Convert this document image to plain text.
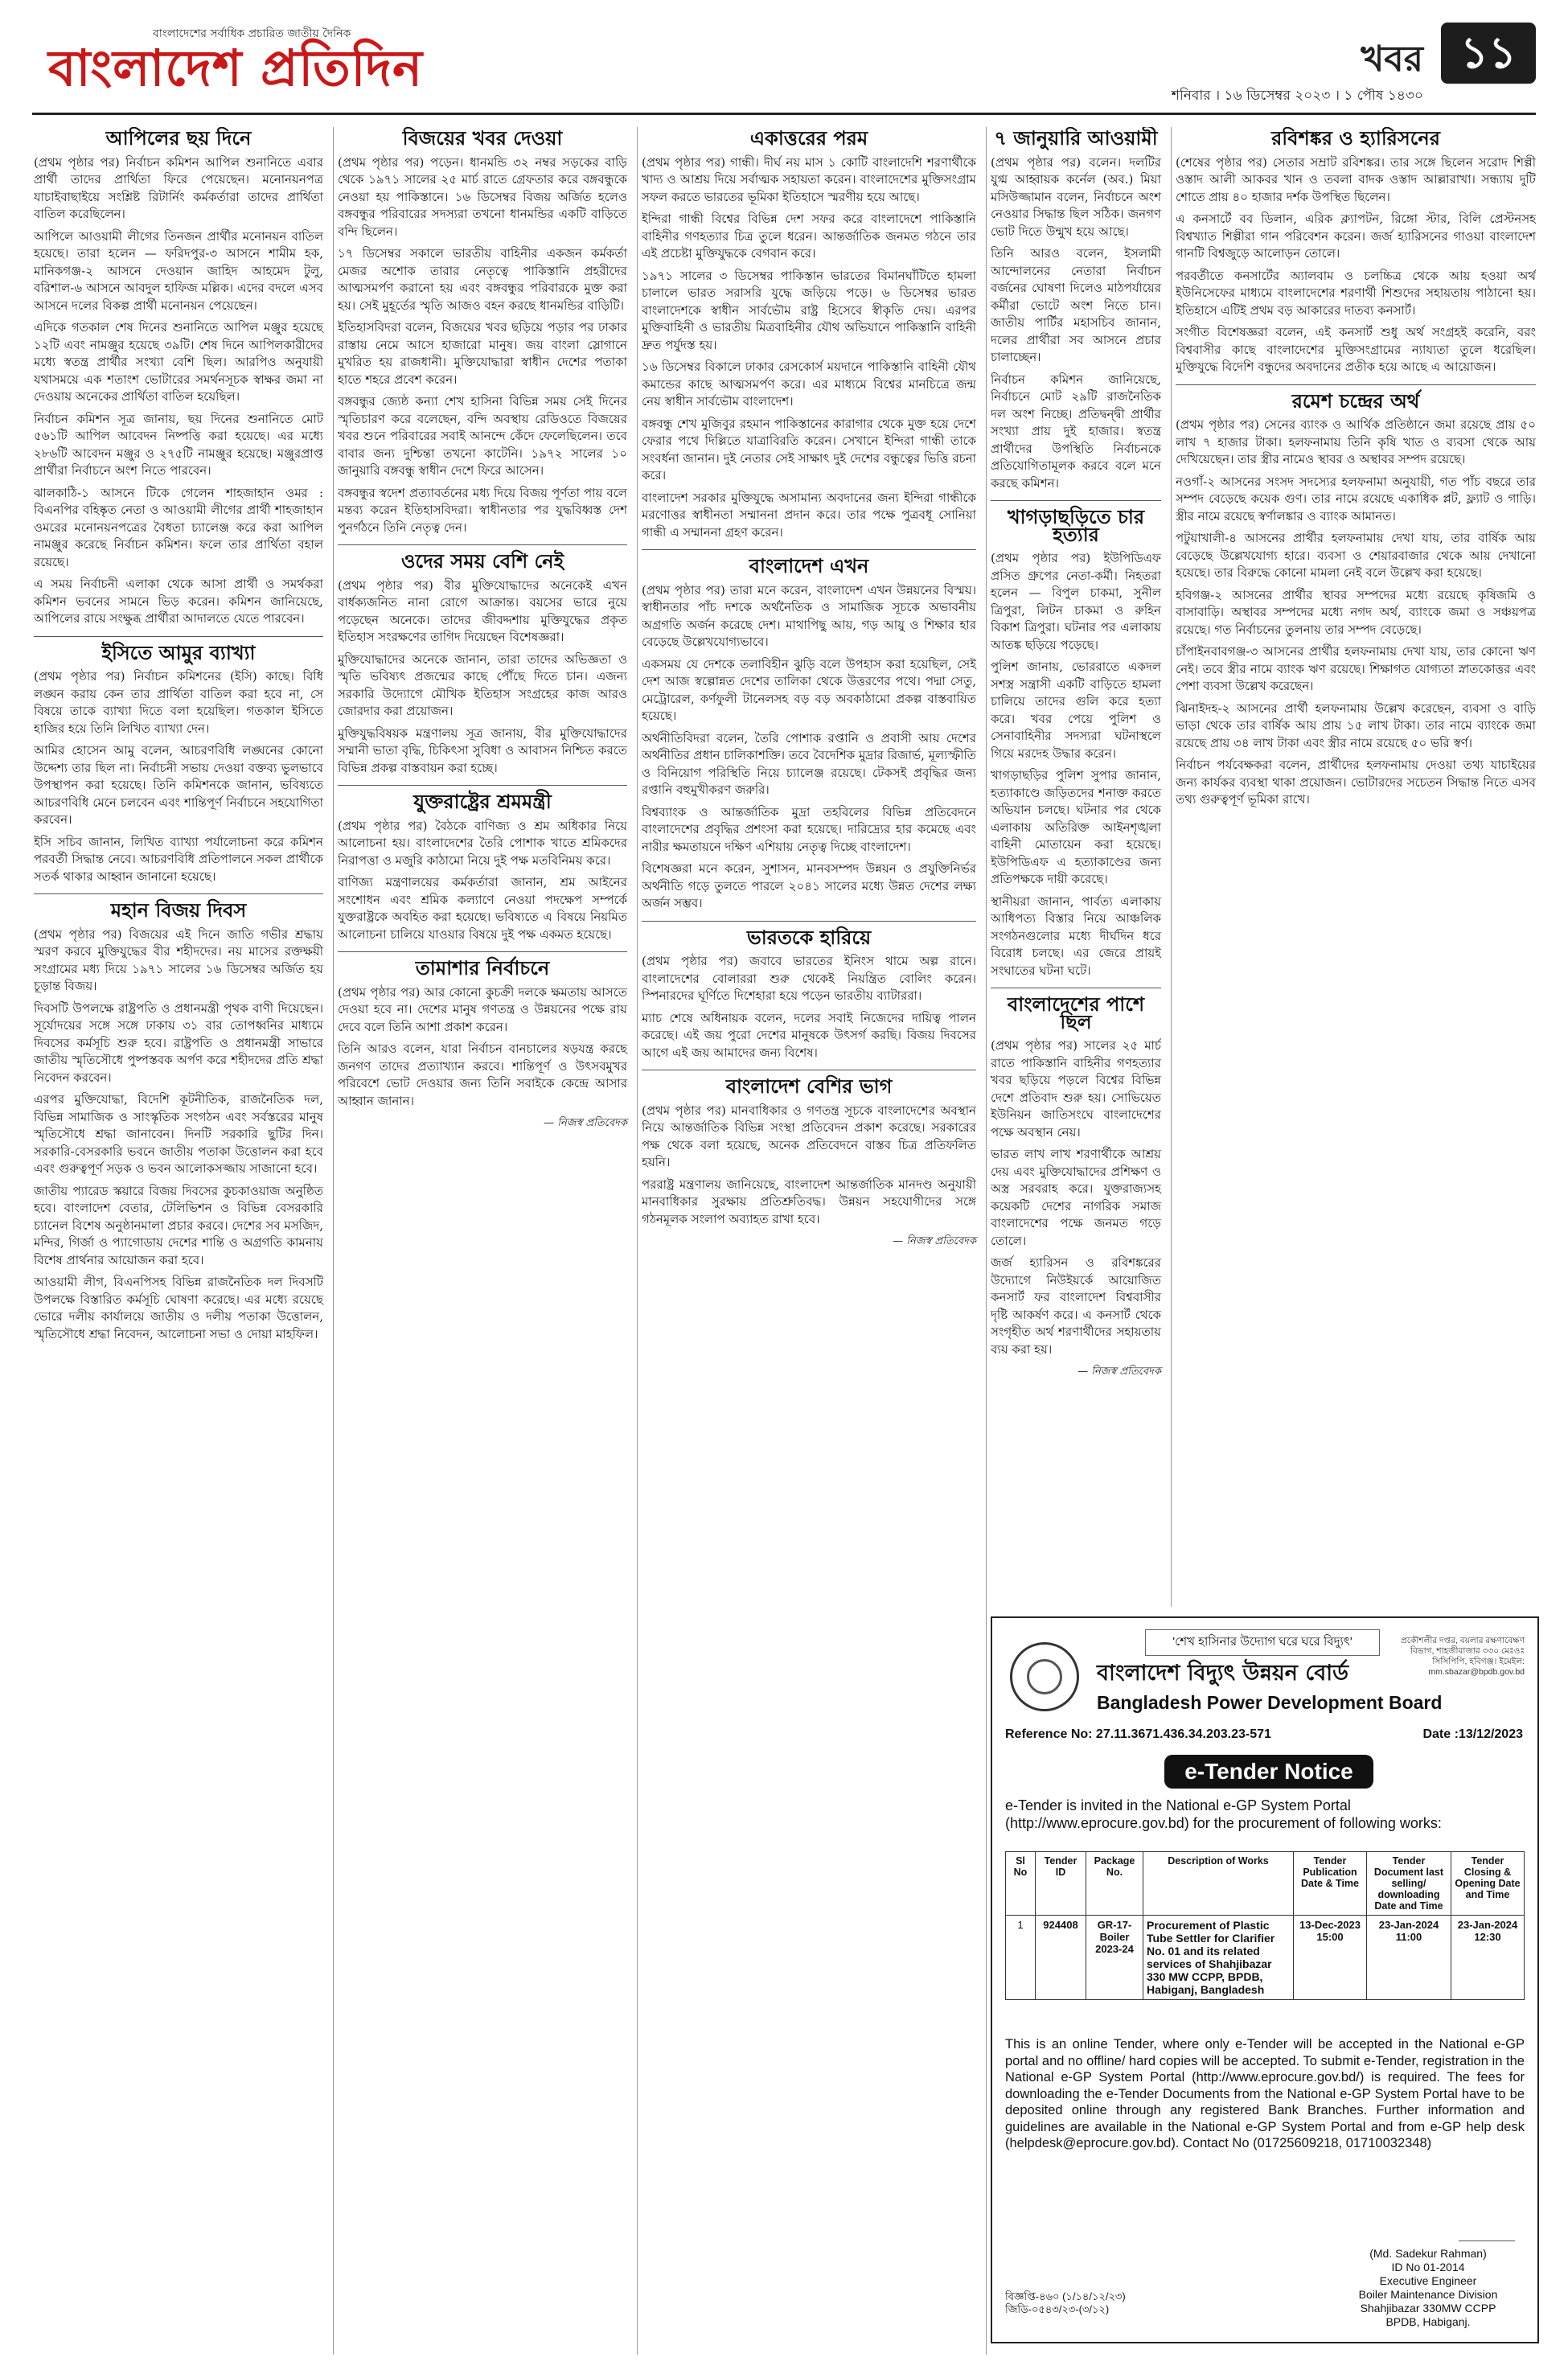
বাংলাদেশের সর্বাধিক প্রচারিত জাতীয় দৈনিক
বাংলাদেশ প্রতিদিন	খবর ১১
শনিবার । ১৬ ডিসেম্বর ২০২৩ । ১ পৌষ ১৪৩০
আপিলের ছয় দিনে

(প্রথম পৃষ্ঠার পর) নির্বাচন কমিশন আপিল শুনানিতে এবার প্রার্থী তাদের প্রার্থিতা ফিরে পেয়েছেন। মনোনয়নপত্র যাচাইবাছাইয়ে সংশ্লিষ্ট রিটার্নিং কর্মকর্তারা তাদের প্রার্থিতা বাতিল করেছিলেন।

আপিলে আওয়ামী লীগের তিনজন প্রার্থীর মনোনয়ন বাতিল হয়েছে। তারা হলেন — ফরিদপুর-৩ আসনে শামীম হক, মানিকগঞ্জ-২ আসনে দেওয়ান জাহিদ আহমেদ টুলু, বরিশাল-৬ আসনে আবদুল হাফিজ মল্লিক। এদের বদলে এসব আসনে দলের বিকল্প প্রার্থী মনোনয়ন পেয়েছেন।

এদিকে গতকাল শেষ দিনের শুনানিতে আপিল মঞ্জুর হয়েছে ১২টি এবং নামঞ্জুর হয়েছে ৩৯টি। শেষ দিনে আপিলকারীদের মধ্যে স্বতন্ত্র প্রার্থীর সংখ্যা বেশি ছিল। আরপিও অনুযায়ী যথাসময়ে এক শতাংশ ভোটারের সমর্থনসূচক স্বাক্ষর জমা না দেওয়ায় অনেকের প্রার্থিতা বাতিল হয়েছিল।

নির্বাচন কমিশন সূত্র জানায়, ছয় দিনের শুনানিতে মোট ৫৬১টি আপিল আবেদন নিষ্পত্তি করা হয়েছে। এর মধ্যে ২৮৬টি আবেদন মঞ্জুর ও ২৭৫টি নামঞ্জুর হয়েছে। মঞ্জুরপ্রাপ্ত প্রার্থীরা নির্বাচনে অংশ নিতে পারবেন।

ঝালকাঠি-১ আসনে টিকে গেলেন শাহজাহান ওমর : বিএনপির বহিষ্কৃত নেতা ও আওয়ামী লীগের প্রার্থী শাহজাহান ওমরের মনোনয়নপত্রের বৈধতা চ্যালেঞ্জ করে করা আপিল নামঞ্জুর করেছে নির্বাচন কমিশন। ফলে তার প্রার্থিতা বহাল রয়েছে।

এ সময় নির্বাচনী এলাকা থেকে আসা প্রার্থী ও সমর্থকরা কমিশন ভবনের সামনে ভিড় করেন। কমিশন জানিয়েছে, আপিলের রায়ে সংক্ষুব্ধ প্রার্থীরা আদালতে যেতে পারবেন।

ইসিতে আমুর ব্যাখ্যা

(প্রথম পৃষ্ঠার পর) নির্বাচন কমিশনের (ইসি) কাছে। বিধি লঙ্ঘন করায় কেন তার প্রার্থিতা বাতিল করা হবে না, সে বিষয়ে তাকে ব্যাখ্যা দিতে বলা হয়েছিল। গতকাল ইসিতে হাজির হয়ে তিনি লিখিত ব্যাখ্যা দেন।

আমির হোসেন আমু বলেন, আচরণবিধি লঙ্ঘনের কোনো উদ্দেশ্য তার ছিল না। নির্বাচনী সভায় দেওয়া বক্তব্য ভুলভাবে উপস্থাপন করা হয়েছে। তিনি কমিশনকে জানান, ভবিষ্যতে আচরণবিধি মেনে চলবেন এবং শান্তিপূর্ণ নির্বাচনে সহযোগিতা করবেন।

ইসি সচিব জানান, লিখিত ব্যাখ্যা পর্যালোচনা করে কমিশন পরবর্তী সিদ্ধান্ত নেবে। আচরণবিধি প্রতিপালনে সকল প্রার্থীকে সতর্ক থাকার আহ্বান জানানো হয়েছে।

মহান বিজয় দিবস

(প্রথম পৃষ্ঠার পর) বিজয়ের এই দিনে জাতি গভীর শ্রদ্ধায় স্মরণ করবে মুক্তিযুদ্ধের বীর শহীদদের। নয় মাসের রক্তক্ষয়ী সংগ্রামের মধ্য দিয়ে ১৯৭১ সালের ১৬ ডিসেম্বর অর্জিত হয় চূড়ান্ত বিজয়।

দিবসটি উপলক্ষে রাষ্ট্রপতি ও প্রধানমন্ত্রী পৃথক বাণী দিয়েছেন। সূর্যোদয়ের সঙ্গে সঙ্গে ঢাকায় ৩১ বার তোপধ্বনির মাধ্যমে দিবসের কর্মসূচি শুরু হবে। রাষ্ট্রপতি ও প্রধানমন্ত্রী সাভারে জাতীয় স্মৃতিসৌধে পুষ্পস্তবক অর্পণ করে শহীদদের প্রতি শ্রদ্ধা নিবেদন করবেন।

এরপর মুক্তিযোদ্ধা, বিদেশি কূটনীতিক, রাজনৈতিক দল, বিভিন্ন সামাজিক ও সাংস্কৃতিক সংগঠন এবং সর্বস্তরের মানুষ স্মৃতিসৌধে শ্রদ্ধা জানাবেন। দিনটি সরকারি ছুটির দিন। সরকারি-বেসরকারি ভবনে জাতীয় পতাকা উত্তোলন করা হবে এবং গুরুত্বপূর্ণ সড়ক ও ভবন আলোকসজ্জায় সাজানো হবে।

জাতীয় প্যারেড স্কয়ারে বিজয় দিবসের কুচকাওয়াজ অনুষ্ঠিত হবে। বাংলাদেশ বেতার, টেলিভিশন ও বিভিন্ন বেসরকারি চ্যানেল বিশেষ অনুষ্ঠানমালা প্রচার করবে। দেশের সব মসজিদ, মন্দির, গির্জা ও প্যাগোডায় দেশের শান্তি ও অগ্রগতি কামনায় বিশেষ প্রার্থনার আয়োজন করা হবে।

আওয়ামী লীগ, বিএনপিসহ বিভিন্ন রাজনৈতিক দল দিবসটি উপলক্ষে বিস্তারিত কর্মসূচি ঘোষণা করেছে। এর মধ্যে রয়েছে ভোরে দলীয় কার্যালয়ে জাতীয় ও দলীয় পতাকা উত্তোলন, স্মৃতিসৌধে শ্রদ্ধা নিবেদন, আলোচনা সভা ও দোয়া মাহফিল।

বিজয়ের খবর দেওয়া

(প্রথম পৃষ্ঠার পর) পড়েন। ধানমন্ডি ৩২ নম্বর সড়কের বাড়ি থেকে ১৯৭১ সালের ২৫ মার্চ রাতে গ্রেফতার করে বঙ্গবন্ধুকে নেওয়া হয় পাকিস্তানে। ১৬ ডিসেম্বর বিজয় অর্জিত হলেও বঙ্গবন্ধুর পরিবারের সদস্যরা তখনো ধানমন্ডির একটি বাড়িতে বন্দি ছিলেন।

১৭ ডিসেম্বর সকালে ভারতীয় বাহিনীর একজন কর্মকর্তা মেজর অশোক তারার নেতৃত্বে পাকিস্তানি প্রহরীদের আত্মসমর্পণ করানো হয় এবং বঙ্গবন্ধুর পরিবারকে মুক্ত করা হয়। সেই মুহূর্তের স্মৃতি আজও বহন করছে ধানমন্ডির বাড়িটি।

ইতিহাসবিদরা বলেন, বিজয়ের খবর ছড়িয়ে পড়ার পর ঢাকার রাস্তায় নেমে আসে হাজারো মানুষ। জয় বাংলা স্লোগানে মুখরিত হয় রাজধানী। মুক্তিযোদ্ধারা স্বাধীন দেশের পতাকা হাতে শহরে প্রবেশ করেন।

বঙ্গবন্ধুর জ্যেষ্ঠ কন্যা শেখ হাসিনা বিভিন্ন সময় সেই দিনের স্মৃতিচারণ করে বলেছেন, বন্দি অবস্থায় রেডিওতে বিজয়ের খবর শুনে পরিবারের সবাই আনন্দে কেঁদে ফেলেছিলেন। তবে বাবার জন্য দুশ্চিন্তা তখনো কাটেনি। ১৯৭২ সালের ১০ জানুয়ারি বঙ্গবন্ধু স্বাধীন দেশে ফিরে আসেন।

বঙ্গবন্ধুর স্বদেশ প্রত্যাবর্তনের মধ্য দিয়ে বিজয় পূর্ণতা পায় বলে মন্তব্য করেন ইতিহাসবিদরা। স্বাধীনতার পর যুদ্ধবিধ্বস্ত দেশ পুনর্গঠনে তিনি নেতৃত্ব দেন।

ওদের সময় বেশি নেই

(প্রথম পৃষ্ঠার পর) বীর মুক্তিযোদ্ধাদের অনেকেই এখন বার্ধক্যজনিত নানা রোগে আক্রান্ত। বয়সের ভারে নুয়ে পড়েছেন অনেকে। তাদের জীবদ্দশায় মুক্তিযুদ্ধের প্রকৃত ইতিহাস সংরক্ষণের তাগিদ দিয়েছেন বিশেষজ্ঞরা।

মুক্তিযোদ্ধাদের অনেকে জানান, তারা তাদের অভিজ্ঞতা ও স্মৃতি ভবিষ্যৎ প্রজন্মের কাছে পৌঁছে দিতে চান। এজন্য সরকারি উদ্যোগে মৌখিক ইতিহাস সংগ্রহের কাজ আরও জোরদার করা প্রয়োজন।

মুক্তিযুদ্ধবিষয়ক মন্ত্রণালয় সূত্র জানায়, বীর মুক্তিযোদ্ধাদের সম্মানী ভাতা বৃদ্ধি, চিকিৎসা সুবিধা ও আবাসন নিশ্চিত করতে বিভিন্ন প্রকল্প বাস্তবায়ন করা হচ্ছে।

যুক্তরাষ্ট্রের শ্রমমন্ত্রী

(প্রথম পৃষ্ঠার পর) বৈঠকে বাণিজ্য ও শ্রম অধিকার নিয়ে আলোচনা হয়। বাংলাদেশের তৈরি পোশাক খাতে শ্রমিকদের নিরাপত্তা ও মজুরি কাঠামো নিয়ে দুই পক্ষ মতবিনিময় করে।

বাণিজ্য মন্ত্রণালয়ের কর্মকর্তারা জানান, শ্রম আইনের সংশোধন এবং শ্রমিক কল্যাণে নেওয়া পদক্ষেপ সম্পর্কে যুক্তরাষ্ট্রকে অবহিত করা হয়েছে। ভবিষ্যতে এ বিষয়ে নিয়মিত আলোচনা চালিয়ে যাওয়ার বিষয়ে দুই পক্ষ একমত হয়েছে।

তামাশার নির্বাচনে

(প্রথম পৃষ্ঠার পর) আর কোনো কুচক্রী দলকে ক্ষমতায় আসতে দেওয়া হবে না। দেশের মানুষ গণতন্ত্র ও উন্নয়নের পক্ষে রায় দেবে বলে তিনি আশা প্রকাশ করেন।

তিনি আরও বলেন, যারা নির্বাচন বানচালের ষড়যন্ত্র করছে জনগণ তাদের প্রত্যাখ্যান করবে। শান্তিপূর্ণ ও উৎসবমুখর পরিবেশে ভোট দেওয়ার জন্য তিনি সবাইকে কেন্দ্রে আসার আহ্বান জানান।

— নিজস্ব প্রতিবেদক
একাত্তরের পরম

(প্রথম পৃষ্ঠার পর) গান্ধী। দীর্ঘ নয় মাস ১ কোটি বাংলাদেশি শরণার্থীকে খাদ্য ও আশ্রয় দিয়ে সর্বাত্মক সহায়তা করেন। বাংলাদেশের মুক্তিসংগ্রাম সফল করতে ভারতের ভূমিকা ইতিহাসে স্মরণীয় হয়ে আছে।

ইন্দিরা গান্ধী বিশ্বের বিভিন্ন দেশ সফর করে বাংলাদেশে পাকিস্তানি বাহিনীর গণহত্যার চিত্র তুলে ধরেন। আন্তর্জাতিক জনমত গঠনে তার এই প্রচেষ্টা মুক্তিযুদ্ধকে বেগবান করে।

১৯৭১ সালের ৩ ডিসেম্বর পাকিস্তান ভারতের বিমানঘাঁটিতে হামলা চালালে ভারত সরাসরি যুদ্ধে জড়িয়ে পড়ে। ৬ ডিসেম্বর ভারত বাংলাদেশকে স্বাধীন সার্বভৌম রাষ্ট্র হিসেবে স্বীকৃতি দেয়। এরপর মুক্তিবাহিনী ও ভারতীয় মিত্রবাহিনীর যৌথ অভিযানে পাকিস্তানি বাহিনী দ্রুত পর্যুদস্ত হয়।

১৬ ডিসেম্বর বিকালে ঢাকার রেসকোর্স ময়দানে পাকিস্তানি বাহিনী যৌথ কমান্ডের কাছে আত্মসমর্পণ করে। এর মাধ্যমে বিশ্বের মানচিত্রে জন্ম নেয় স্বাধীন সার্বভৌম বাংলাদেশ।

বঙ্গবন্ধু শেখ মুজিবুর রহমান পাকিস্তানের কারাগার থেকে মুক্ত হয়ে দেশে ফেরার পথে দিল্লিতে যাত্রাবিরতি করেন। সেখানে ইন্দিরা গান্ধী তাকে সংবর্ধনা জানান। দুই নেতার সেই সাক্ষাৎ দুই দেশের বন্ধুত্বের ভিত্তি রচনা করে।

বাংলাদেশ সরকার মুক্তিযুদ্ধে অসামান্য অবদানের জন্য ইন্দিরা গান্ধীকে মরণোত্তর স্বাধীনতা সম্মাননা প্রদান করে। তার পক্ষে পুত্রবধূ সোনিয়া গান্ধী এ সম্মাননা গ্রহণ করেন।

বাংলাদেশ এখন

(প্রথম পৃষ্ঠার পর) তারা মনে করেন, বাংলাদেশ এখন উন্নয়নের বিস্ময়। স্বাধীনতার পাঁচ দশকে অর্থনৈতিক ও সামাজিক সূচকে অভাবনীয় অগ্রগতি অর্জন করেছে দেশ। মাথাপিছু আয়, গড় আয়ু ও শিক্ষার হার বেড়েছে উল্লেখযোগ্যভাবে।

একসময় যে দেশকে তলাবিহীন ঝুড়ি বলে উপহাস করা হয়েছিল, সেই দেশ আজ স্বল্পোন্নত দেশের তালিকা থেকে উত্তরণের পথে। পদ্মা সেতু, মেট্রোরেল, কর্ণফুলী টানেলসহ বড় বড় অবকাঠামো প্রকল্প বাস্তবায়িত হয়েছে।

অর্থনীতিবিদরা বলেন, তৈরি পোশাক রপ্তানি ও প্রবাসী আয় দেশের অর্থনীতির প্রধান চালিকাশক্তি। তবে বৈদেশিক মুদ্রার রিজার্ভ, মূল্যস্ফীতি ও বিনিয়োগ পরিস্থিতি নিয়ে চ্যালেঞ্জ রয়েছে। টেকসই প্রবৃদ্ধির জন্য রপ্তানি বহুমুখীকরণ জরুরি।

বিশ্বব্যাংক ও আন্তর্জাতিক মুদ্রা তহবিলের বিভিন্ন প্রতিবেদনে বাংলাদেশের প্রবৃদ্ধির প্রশংসা করা হয়েছে। দারিদ্র্যের হার কমেছে এবং নারীর ক্ষমতায়নে দক্ষিণ এশিয়ায় নেতৃত্ব দিচ্ছে বাংলাদেশ।

বিশেষজ্ঞরা মনে করেন, সুশাসন, মানবসম্পদ উন্নয়ন ও প্রযুক্তিনির্ভর অর্থনীতি গড়ে তুলতে পারলে ২০৪১ সালের মধ্যে উন্নত দেশের লক্ষ্য অর্জন সম্ভব।

ভারতকে হারিয়ে

(প্রথম পৃষ্ঠার পর) জবাবে ভারতের ইনিংস থামে অল্প রানে। বাংলাদেশের বোলাররা শুরু থেকেই নিয়ন্ত্রিত বোলিং করেন। স্পিনারদের ঘূর্ণিতে দিশেহারা হয়ে পড়েন ভারতীয় ব্যাটাররা।

ম্যাচ শেষে অধিনায়ক বলেন, দলের সবাই নিজেদের দায়িত্ব পালন করেছে। এই জয় পুরো দেশের মানুষকে উৎসর্গ করছি। বিজয় দিবসের আগে এই জয় আমাদের জন্য বিশেষ।

বাংলাদেশ বেশির ভাগ

(প্রথম পৃষ্ঠার পর) মানবাধিকার ও গণতন্ত্র সূচকে বাংলাদেশের অবস্থান নিয়ে আন্তর্জাতিক বিভিন্ন সংস্থা প্রতিবেদন প্রকাশ করেছে। সরকারের পক্ষ থেকে বলা হয়েছে, অনেক প্রতিবেদনে বাস্তব চিত্র প্রতিফলিত হয়নি।

পররাষ্ট্র মন্ত্রণালয় জানিয়েছে, বাংলাদেশ আন্তর্জাতিক মানদণ্ড অনুযায়ী মানবাধিকার সুরক্ষায় প্রতিশ্রুতিবদ্ধ। উন্নয়ন সহযোগীদের সঙ্গে গঠনমূলক সংলাপ অব্যাহত রাখা হবে।

— নিজস্ব প্রতিবেদক
৭ জানুয়ারি আওয়ামী

(প্রথম পৃষ্ঠার পর) বলেন। দলটির যুগ্ম আহ্বায়ক কর্নেল (অব.) মিয়া মসিউজ্জামান বলেন, নির্বাচনে অংশ নেওয়ার সিদ্ধান্ত ছিল সঠিক। জনগণ ভোট দিতে উন্মুখ হয়ে আছে।

তিনি আরও বলেন, ইসলামী আন্দোলনের নেতারা নির্বাচন বর্জনের ঘোষণা দিলেও মাঠপর্যায়ের কর্মীরা ভোটে অংশ নিতে চান। জাতীয় পার্টির মহাসচিব জানান, দলের প্রার্থীরা সব আসনে প্রচার চালাচ্ছেন।

নির্বাচন কমিশন জানিয়েছে, নির্বাচনে মোট ২৯টি রাজনৈতিক দল অংশ নিচ্ছে। প্রতিদ্বন্দ্বী প্রার্থীর সংখ্যা প্রায় দুই হাজার। স্বতন্ত্র প্রার্থীদের উপস্থিতি নির্বাচনকে প্রতিযোগিতামূলক করবে বলে মনে করছে কমিশন।

খাগড়াছড়িতে চার হত্যার

(প্রথম পৃষ্ঠার পর) ইউপিডিএফ প্রসিত গ্রুপের নেতা-কর্মী। নিহতরা হলেন — বিপুল চাকমা, সুনীল ত্রিপুরা, লিটন চাকমা ও রুহিন বিকাশ ত্রিপুরা। ঘটনার পর এলাকায় আতঙ্ক ছড়িয়ে পড়েছে।

পুলিশ জানায়, ভোররাতে একদল সশস্ত্র সন্ত্রাসী একটি বাড়িতে হামলা চালিয়ে তাদের গুলি করে হত্যা করে। খবর পেয়ে পুলিশ ও সেনাবাহিনীর সদস্যরা ঘটনাস্থলে গিয়ে মরদেহ উদ্ধার করেন।

খাগড়াছড়ির পুলিশ সুপার জানান, হত্যাকাণ্ডে জড়িতদের শনাক্ত করতে অভিযান চলছে। ঘটনার পর থেকে এলাকায় অতিরিক্ত আইনশৃঙ্খলা বাহিনী মোতায়েন করা হয়েছে। ইউপিডিএফ এ হত্যাকাণ্ডের জন্য প্রতিপক্ষকে দায়ী করেছে।

স্থানীয়রা জানান, পার্বত্য এলাকায় আধিপত্য বিস্তার নিয়ে আঞ্চলিক সংগঠনগুলোর মধ্যে দীর্ঘদিন ধরে বিরোধ চলছে। এর জেরে প্রায়ই সংঘাতের ঘটনা ঘটে।

বাংলাদেশের পাশে ছিল

(প্রথম পৃষ্ঠার পর) সালের ২৫ মার্চ রাতে পাকিস্তানি বাহিনীর গণহত্যার খবর ছড়িয়ে পড়লে বিশ্বের বিভিন্ন দেশে প্রতিবাদ শুরু হয়। সোভিয়েত ইউনিয়ন জাতিসংঘে বাংলাদেশের পক্ষে অবস্থান নেয়।

ভারত লাখ লাখ শরণার্থীকে আশ্রয় দেয় এবং মুক্তিযোদ্ধাদের প্রশিক্ষণ ও অস্ত্র সরবরাহ করে। যুক্তরাজ্যসহ কয়েকটি দেশের নাগরিক সমাজ বাংলাদেশের পক্ষে জনমত গড়ে তোলে।

জর্জ হ্যারিসন ও রবিশঙ্করের উদ্যোগে নিউইয়র্কে আয়োজিত কনসার্ট ফর বাংলাদেশ বিশ্ববাসীর দৃষ্টি আকর্ষণ করে। এ কনসার্ট থেকে সংগৃহীত অর্থ শরণার্থীদের সহায়তায় ব্যয় করা হয়।

— নিজস্ব প্রতিবেদক
রবিশঙ্কর ও হ্যারিসনের

(শেষের পৃষ্ঠার পর) সেতার সম্রাট রবিশঙ্কর। তার সঙ্গে ছিলেন সরোদ শিল্পী ওস্তাদ আলী আকবর খান ও তবলা বাদক ওস্তাদ আল্লারাখা। সন্ধ্যায় দুটি শোতে প্রায় ৪০ হাজার দর্শক উপস্থিত ছিলেন।

এ কনসার্টে বব ডিলান, এরিক ক্ল্যাপটন, রিঙ্গো স্টার, বিলি প্রেস্টনসহ বিশ্বখ্যাত শিল্পীরা গান পরিবেশন করেন। জর্জ হ্যারিসনের গাওয়া বাংলাদেশ গানটি বিশ্বজুড়ে আলোড়ন তোলে।

পরবর্তীতে কনসার্টের অ্যালবাম ও চলচ্চিত্র থেকে আয় হওয়া অর্থ ইউনিসেফের মাধ্যমে বাংলাদেশের শরণার্থী শিশুদের সহায়তায় পাঠানো হয়। ইতিহাসে এটিই প্রথম বড় আকারের দাতব্য কনসার্ট।

সংগীত বিশেষজ্ঞরা বলেন, এই কনসার্ট শুধু অর্থ সংগ্রহই করেনি, বরং বিশ্ববাসীর কাছে বাংলাদেশের মুক্তিসংগ্রামের ন্যায্যতা তুলে ধরেছিল। মুক্তিযুদ্ধে বিদেশি বন্ধুদের অবদানের প্রতীক হয়ে আছে এ আয়োজন।

রমেশ চন্দ্রের অর্থ

(প্রথম পৃষ্ঠার পর) সেনের ব্যাংক ও আর্থিক প্রতিষ্ঠানে জমা রয়েছে প্রায় ৫০ লাখ ৭ হাজার টাকা। হলফনামায় তিনি কৃষি খাত ও ব্যবসা থেকে আয় দেখিয়েছেন। তার স্ত্রীর নামেও স্থাবর ও অস্থাবর সম্পদ রয়েছে।

নওগাঁ-২ আসনের সংসদ সদস্যের হলফনামা অনুযায়ী, গত পাঁচ বছরে তার সম্পদ বেড়েছে কয়েক গুণ। তার নামে রয়েছে একাধিক প্লট, ফ্ল্যাট ও গাড়ি। স্ত্রীর নামে রয়েছে স্বর্ণালঙ্কার ও ব্যাংক আমানত।

পটুয়াখালী-৪ আসনের প্রার্থীর হলফনামায় দেখা যায়, তার বার্ষিক আয় বেড়েছে উল্লেখযোগ্য হারে। ব্যবসা ও শেয়ারবাজার থেকে আয় দেখানো হয়েছে। তার বিরুদ্ধে কোনো মামলা নেই বলে উল্লেখ করা হয়েছে।

হবিগঞ্জ-২ আসনের প্রার্থীর স্থাবর সম্পদের মধ্যে রয়েছে কৃষিজমি ও বাসাবাড়ি। অস্থাবর সম্পদের মধ্যে নগদ অর্থ, ব্যাংকে জমা ও সঞ্চয়পত্র রয়েছে। গত নির্বাচনের তুলনায় তার সম্পদ বেড়েছে।

চাঁপাইনবাবগঞ্জ-৩ আসনের প্রার্থীর হলফনামায় দেখা যায়, তার কোনো ঋণ নেই। তবে স্ত্রীর নামে ব্যাংক ঋণ রয়েছে। শিক্ষাগত যোগ্যতা স্নাতকোত্তর এবং পেশা ব্যবসা উল্লেখ করেছেন।

ঝিনাইদহ-২ আসনের প্রার্থী হলফনামায় উল্লেখ করেছেন, ব্যবসা ও বাড়ি ভাড়া থেকে তার বার্ষিক আয় প্রায় ১৫ লাখ টাকা। তার নামে ব্যাংকে জমা রয়েছে প্রায় ৩৪ লাখ টাকা এবং স্ত্রীর নামে রয়েছে ৫০ ভরি স্বর্ণ।

নির্বাচন পর্যবেক্ষকরা বলেন, প্রার্থীদের হলফনামায় দেওয়া তথ্য যাচাইয়ের জন্য কার্যকর ব্যবস্থা থাকা প্রয়োজন। ভোটারদের সচেতন সিদ্ধান্ত নিতে এসব তথ্য গুরুত্বপূর্ণ ভূমিকা রাখে।

'শেখ হাসিনার উদ্যোগ ঘরে ঘরে বিদ্যুৎ'
বাংলাদেশ বিদ্যুৎ উন্নয়ন বোর্ড
Bangladesh Power Development Board
প্রকৌশলীর দপ্তর, বয়লার রক্ষণাবেক্ষণ বিভাগ, শাহজীবাজার ৩৩০ মেঃওঃ সিসিপিপি, হবিগঞ্জ। ইমেইল: mm.sbazar@bpdb.gov.bd
Reference No: 27.11.3671.436.34.203.23-571	Date :13/12/2023
e-Tender Notice
e-Tender is invited in the National e-GP System Portal (http://www.eprocure.gov.bd) for the procurement of following works:
Sl No	Tender ID	Package No.	Description of Works	Tender Publication Date & Time	Tender Document last selling/ downloading Date and Time	Tender Closing & Opening Date and Time
1	924408	GR-17-Boiler 2023-24	Procurement of Plastic Tube Settler for Clarifier No. 01 and its related services of Shahjibazar 330 MW CCPP, BPDB, Habiganj, Bangladesh	13-Dec-2023 15:00	23-Jan-2024 11:00	23-Jan-2024 12:30
This is an online Tender, where only e-Tender will be accepted in the National e-GP portal and no offline/ hard copies will be accepted. To submit e-Tender, registration in the National e-GP System Portal (http://www.eprocure.gov.bd/) is required. The fees for downloading the e-Tender Documents from the National e-GP System Portal have to be deposited online through any registered Bank Branches. Further information and guidelines are available in the National e-GP System Portal and from e-GP help desk (helpdesk@eprocure.gov.bd). Contact No (01725609218, 01710032348)
(Md. Sadekur Rahman)
ID No 01-2014
Executive Engineer
Boiler Maintenance Division
Shahjibazar 330MW CCPP
BPDB, Habiganj.
বিজ্ঞপ্তি-৪৬০ (১/১৪/১২/২৩)
জিডি-০৫৪৩/২৩-(৩/১২)
